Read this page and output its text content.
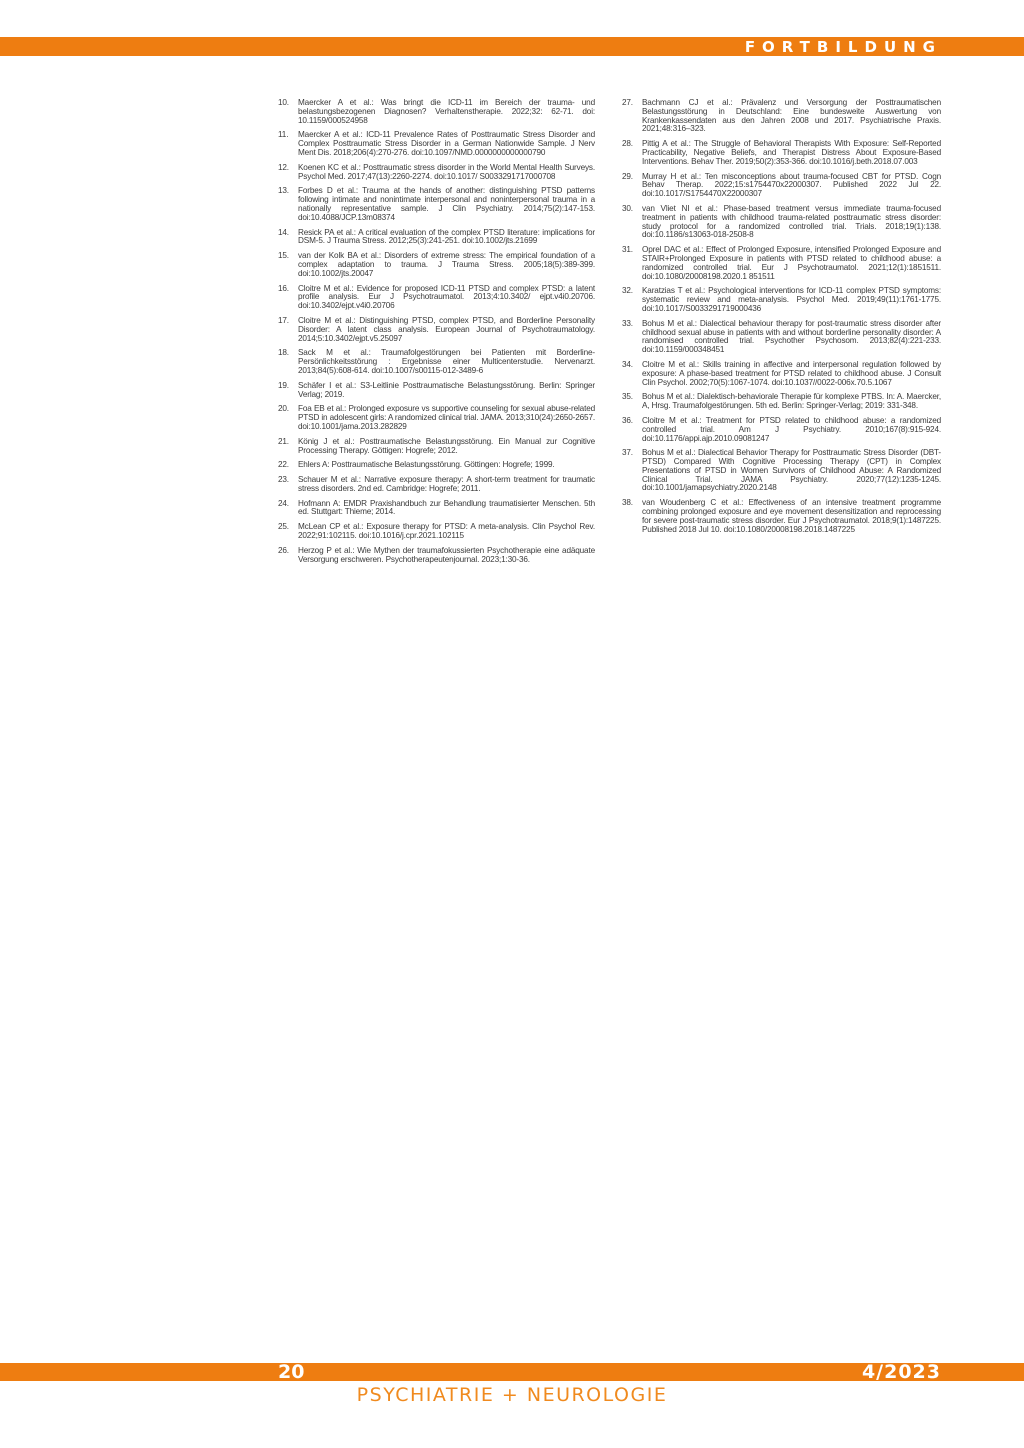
FORTBILDUNG
10. Maercker A et al.: Was bringt die ICD-11 im Bereich der trauma- und belastungsbezogenen Diagnosen? Verhaltenstherapie. 2022;32: 62-71. doi: 10.1159/000524958
11. Maercker A et al.: ICD-11 Prevalence Rates of Posttraumatic Stress Disorder and Complex Posttraumatic Stress Disorder in a German Nationwide Sample. J Nerv Ment Dis. 2018;206(4):270-276. doi:10.1097/NMD.0000000000000790
12. Koenen KC et al.: Posttraumatic stress disorder in the World Mental Health Surveys. Psychol Med. 2017;47(13):2260-2274. doi:10.1017/ S0033291717000708
13. Forbes D et al.: Trauma at the hands of another: distinguishing PTSD patterns following intimate and nonintimate interpersonal and noninterpersonal trauma in a nationally representative sample. J Clin Psychiatry. 2014;75(2):147-153. doi:10.4088/JCP.13m08374
14. Resick PA et al.: A critical evaluation of the complex PTSD literature: implications for DSM-5. J Trauma Stress. 2012;25(3):241-251. doi:10.1002/jts.21699
15. van der Kolk BA et al.: Disorders of extreme stress: The empirical foundation of a complex adaptation to trauma. J Trauma Stress. 2005;18(5):389-399. doi:10.1002/jts.20047
16. Cloitre M et al.: Evidence for proposed ICD-11 PTSD and complex PTSD: a latent profile analysis. Eur J Psychotraumatol. 2013;4:10.3402/ ejpt.v4i0.20706. doi:10.3402/ejpt.v4i0.20706
17. Cloitre M et al.: Distinguishing PTSD, complex PTSD, and Borderline Personality Disorder: A latent class analysis. European Journal of Psychotraumatology. 2014;5:10.3402/ejpt.v5.25097
18. Sack M et al.: Traumafolgestörungen bei Patienten mit Borderline-Persönlichkeitsstörung : Ergebnisse einer Multicenterstudie. Nervenarzt. 2013;84(5):608-614. doi:10.1007/s00115-012-3489-6
19. Schäfer I et al.: S3-Leitlinie Posttraumatische Belastungsstörung. Berlin: Springer Verlag; 2019.
20. Foa EB et al.: Prolonged exposure vs supportive counseling for sexual abuse-related PTSD in adolescent girls: A randomized clinical trial. JAMA. 2013;310(24):2650-2657. doi:10.1001/jama.2013.282829
21. König J et al.: Posttraumatische Belastungsstörung. Ein Manual zur Cognitive Processing Therapy. Göttigen: Hogrefe; 2012.
22. Ehlers A: Posttraumatische Belastungsstörung. Göttingen: Hogrefe; 1999.
23. Schauer M et al.: Narrative exposure therapy: A short-term treatment for traumatic stress disorders. 2nd ed. Cambridge: Hogrefe; 2011.
24. Hofmann A: EMDR Praxishandbuch zur Behandlung traumatisierter Menschen. 5th ed. Stuttgart: Thieme; 2014.
25. McLean CP et al.: Exposure therapy for PTSD: A meta-analysis. Clin Psychol Rev. 2022;91:102115. doi:10.1016/j.cpr.2021.102115
26. Herzog P et al.: Wie Mythen der traumafokussierten Psychotherapie eine adäquate Versorgung erschweren. Psychotherapeutenjournal. 2023;1:30-36.
27. Bachmann CJ et al.: Prävalenz und Versorgung der Posttraumatischen Belastungsstörung in Deutschland: Eine bundesweite Auswertung von Krankenkassendaten aus den Jahren 2008 und 2017. Psychiatrische Praxis. 2021;48:316–323.
28. Pittig A et al.: The Struggle of Behavioral Therapists With Exposure: Self-Reported Practicability, Negative Beliefs, and Therapist Distress About Exposure-Based Interventions. Behav Ther. 2019;50(2):353-366. doi:10.1016/j.beth.2018.07.003
29. Murray H et al.: Ten misconceptions about trauma-focused CBT for PTSD. Cogn Behav Therap. 2022;15:s1754470x22000307. Published 2022 Jul 22. doi:10.1017/S1754470X22000307
30. van Vliet NI et al.: Phase-based treatment versus immediate trauma-focused treatment in patients with childhood trauma-related posttraumatic stress disorder: study protocol for a randomized controlled trial. Trials. 2018;19(1):138. doi:10.1186/s13063-018-2508-8
31. Oprel DAC et al.: Effect of Prolonged Exposure, intensified Prolonged Exposure and STAIR+Prolonged Exposure in patients with PTSD related to childhood abuse: a randomized controlled trial. Eur J Psychotraumatol. 2021;12(1):1851511. doi:10.1080/20008198.2020.1 851511
32. Karatzias T et al.: Psychological interventions for ICD-11 complex PTSD symptoms: systematic review and meta-analysis. Psychol Med. 2019;49(11):1761-1775. doi:10.1017/S0033291719000436
33. Bohus M et al.: Dialectical behaviour therapy for post-traumatic stress disorder after childhood sexual abuse in patients with and without borderline personality disorder: A randomised controlled trial. Psychother Psychosom. 2013;82(4):221-233. doi:10.1159/000348451
34. Cloitre M et al.: Skills training in affective and interpersonal regulation followed by exposure: A phase-based treatment for PTSD related to childhood abuse. J Consult Clin Psychol. 2002;70(5):1067-1074. doi:10.1037//0022-006x.70.5.1067
35. Bohus M et al.: Dialektisch-behaviorale Therapie für komplexe PTBS. In: A. Maercker, A, Hrsg. Traumafolgestörungen. 5th ed. Berlin: Springer-Verlag; 2019: 331-348.
36. Cloitre M et al.: Treatment for PTSD related to childhood abuse: a randomized controlled trial. Am J Psychiatry. 2010;167(8):915-924. doi:10.1176/appi.ajp.2010.09081247
37. Bohus M et al.: Dialectical Behavior Therapy for Posttraumatic Stress Disorder (DBT-PTSD) Compared With Cognitive Processing Therapy (CPT) in Complex Presentations of PTSD in Women Survivors of Childhood Abuse: A Randomized Clinical Trial. JAMA Psychiatry. 2020;77(12):1235-1245. doi:10.1001/jamapsychiatry.2020.2148
38. van Woudenberg C et al.: Effectiveness of an intensive treatment programme combining prolonged exposure and eye movement desensitization and reprocessing for severe post-traumatic stress disorder. Eur J Psychotraumatol. 2018;9(1):1487225. Published 2018 Jul 10. doi:10.1080/20008198.2018.1487225
20	4/2023
PSYCHIATRIE + NEUROLOGIE
